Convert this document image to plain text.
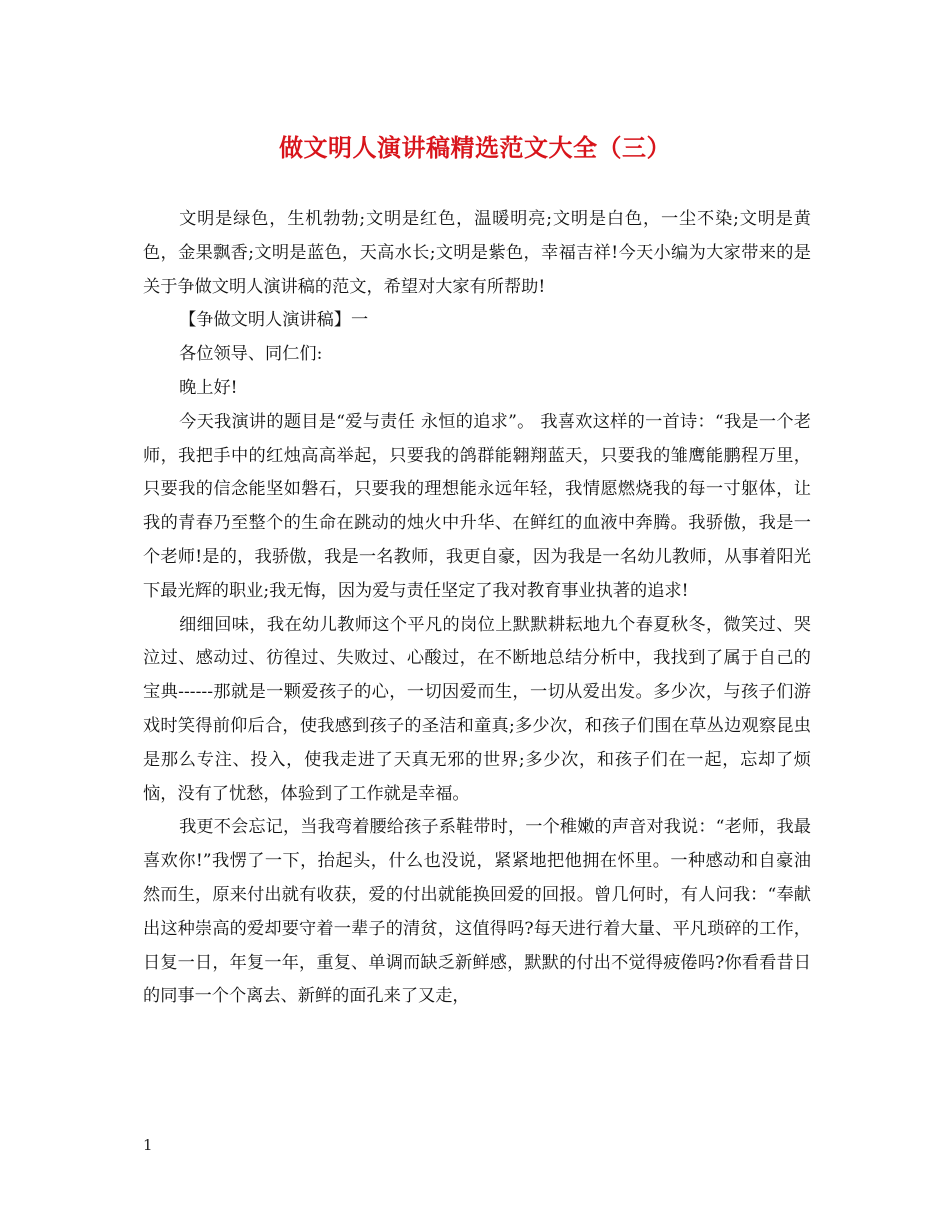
做文明人演讲稿精选范文大全（三）

文明是绿色，生机勃勃;文明是红色，温暖明亮;文明是白色，一尘不染;文明是黄色，金果飘香;文明是蓝色，天高水长;文明是紫色，幸福吉祥!今天小编为大家带来的是关于争做文明人演讲稿的范文，希望对大家有所帮助!

【争做文明人演讲稿】一

各位领导、同仁们:

晚上好!

今天我演讲的题目是“爱与责任 永恒的追求”。 我喜欢这样的一首诗：“我是一个老师，我把手中的红烛高高举起，只要我的鸽群能翱翔蓝天，只要我的雏鹰能鹏程万里，只要我的信念能坚如磐石，只要我的理想能永远年轻，我情愿燃烧我的每一寸躯体，让我的青春乃至整个的生命在跳动的烛火中升华、在鲜红的血液中奔腾。我骄傲，我是一个老师!是的，我骄傲，我是一名教师，我更自豪，因为我是一名幼儿教师，从事着阳光下最光辉的职业;我无悔，因为爱与责任坚定了我对教育事业执著的追求!

细细回味，我在幼儿教师这个平凡的岗位上默默耕耘地九个春夏秋冬，微笑过、哭泣过、感动过、彷徨过、失败过、心酸过，在不断地总结分析中，我找到了属于自己的宝典------那就是一颗爱孩子的心，一切因爱而生，一切从爱出发。多少次，与孩子们游戏时笑得前仰后合，使我感到孩子的圣洁和童真;多少次，和孩子们围在草丛边观察昆虫是那么专注、投入，使我走进了天真无邪的世界;多少次，和孩子们在一起，忘却了烦恼，没有了忧愁，体验到了工作就是幸福。

我更不会忘记，当我弯着腰给孩子系鞋带时，一个稚嫩的声音对我说：“老师，我最喜欢你!”我愣了一下，抬起头，什么也没说，紧紧地把他拥在怀里。一种感动和自豪油然而生，原来付出就有收获，爱的付出就能换回爱的回报。曾几何时，有人问我：“奉献出这种崇高的爱却要守着一辈子的清贫，这值得吗?每天进行着大量、平凡琐碎的工作，日复一日，年复一年，重复、单调而缺乏新鲜感，默默的付出不觉得疲倦吗?你看看昔日的同事一个个离去、新鲜的面孔来了又走，

1
